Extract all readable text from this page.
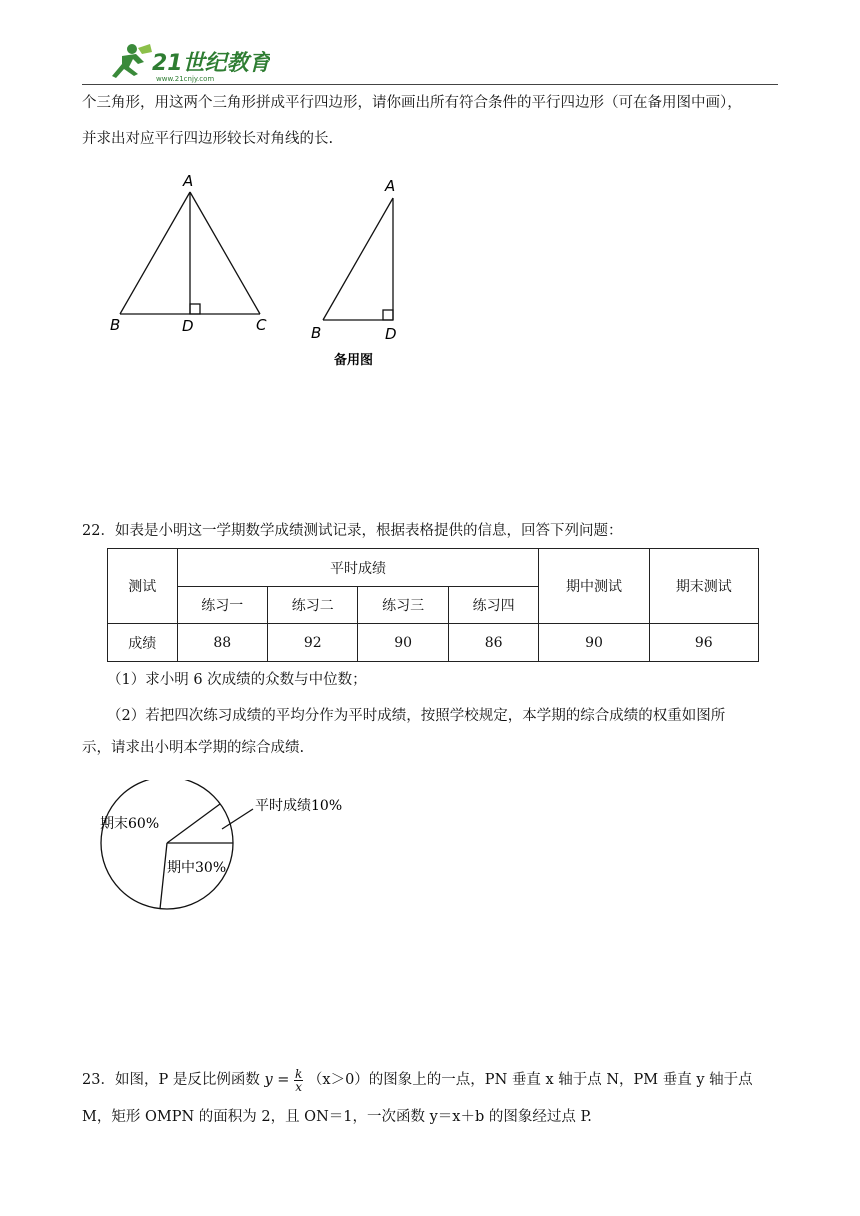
21世纪教育
www.21cnjy.com
个三角形，用这两个三角形拼成平行四边形，请你画出所有符合条件的平行四边形（可在备用图中画），
并求出对应平行四边形较长对角线的长.
A
B	D	C
A
B	D
备用图
22．如表是小明这一学期数学成绩测试记录，根据表格提供的信息，回答下列问题：
测试	平时成绩				期中测试	期末测试
	练习一	练习二	练习三	练习四		
成绩	88	92	90	86	90	96
（1）求小明 6 次成绩的众数与中位数；
（2）若把四次练习成绩的平均分作为平时成绩，按照学校规定，本学期的综合成绩的权重如图所
示，请求出小明本学期的综合成绩.
期末60%
期中30%
平时成绩10%
23．如图，P 是反比例函数 $y = \frac{k}{x} (x>0)$的图象上的一点，PN 垂直 x 轴于点 N，PM 垂直 y 轴于点
M，矩形 OMPN 的面积为 2，且 ON＝1，一次函数 y＝x＋b 的图象经过点 P.
